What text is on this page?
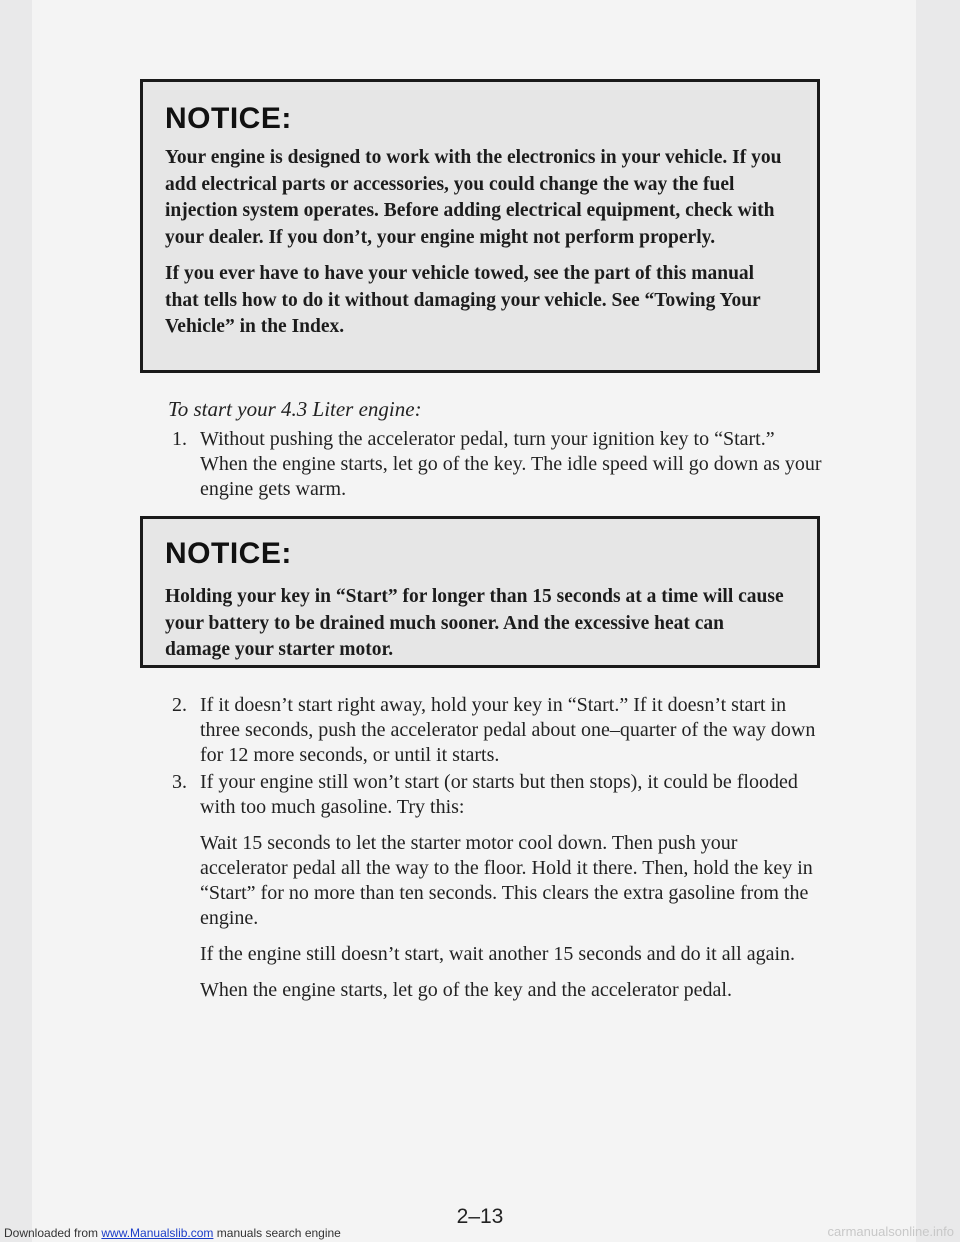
NOTICE:

Your engine is designed to work with the electronics in your vehicle. If you add electrical parts or accessories, you could change the way the fuel injection system operates. Before adding electrical equipment, check with your dealer. If you don’t, your engine might not perform properly.

If you ever have to have your vehicle towed, see the part of this manual that tells how to do it without damaging your vehicle. See “Towing Your Vehicle” in the Index.

To start your 4.3 Liter engine:

1. Without pushing the accelerator pedal, turn your ignition key to “Start.” When the engine starts, let go of the key. The idle speed will go down as your engine gets warm.

NOTICE:

Holding your key in “Start” for longer than 15 seconds at a time will cause your battery to be drained much sooner. And the excessive heat can damage your starter motor.

2. If it doesn’t start right away, hold your key in “Start.” If it doesn’t start in three seconds, push the accelerator pedal about one–quarter of the way down for 12 more seconds, or until it starts.

3. If your engine still won’t start (or starts but then stops), it could be flooded with too much gasoline. Try this:

Wait 15 seconds to let the starter motor cool down. Then push your accelerator pedal all the way to the floor. Hold it there. Then, hold the key in “Start” for no more than ten seconds. This clears the extra gasoline from the engine.

If the engine still doesn’t start, wait another 15 seconds and do it all again.

When the engine starts, let go of the key and the accelerator pedal.

2–13
Downloaded from www.Manualslib.com manuals search engine	carmanualsonline.info
